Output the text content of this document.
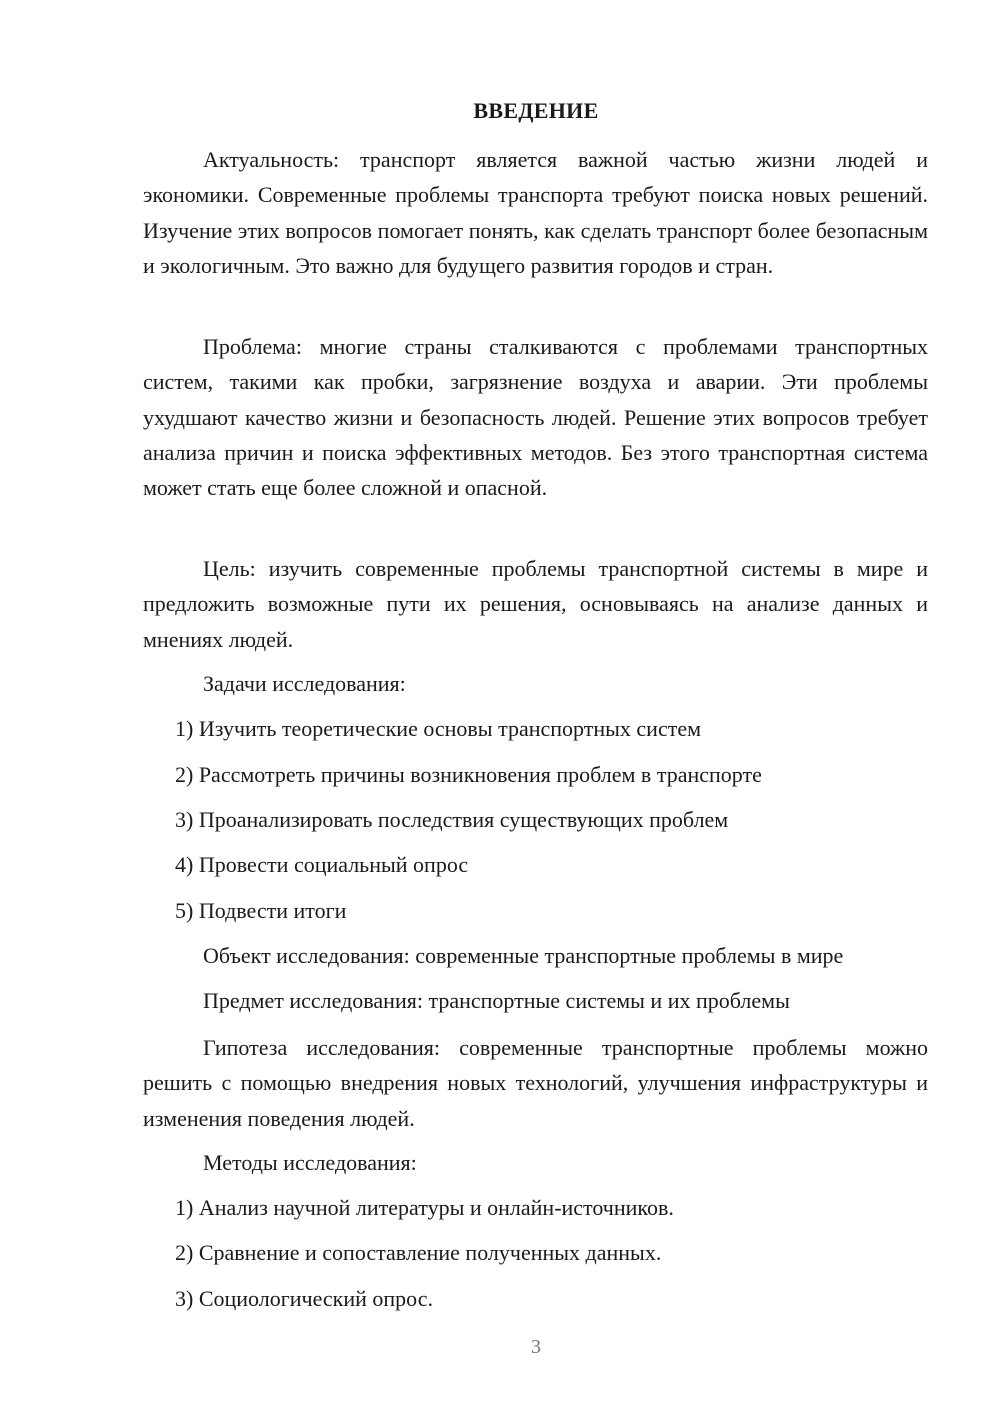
ВВЕДЕНИЕ
Актуальность: транспорт является важной частью жизни людей и экономики. Современные проблемы транспорта требуют поиска новых решений. Изучение этих вопросов помогает понять, как сделать транспорт более безопасным и экологичным. Это важно для будущего развития городов и стран.
Проблема: многие страны сталкиваются с проблемами транспортных систем, такими как пробки, загрязнение воздуха и аварии. Эти проблемы ухудшают качество жизни и безопасность людей. Решение этих вопросов требует анализа причин и поиска эффективных методов. Без этого транспортная система может стать еще более сложной и опасной.
Цель: изучить современные проблемы транспортной системы в мире и предложить возможные пути их решения, основываясь на анализе данных и мнениях людей.
Задачи исследования:
1) Изучить теоретические основы транспортных систем
2) Рассмотреть причины возникновения проблем в транспорте
3) Проанализировать последствия существующих проблем
4) Провести социальный опрос
5) Подвести итоги
Объект исследования: современные транспортные проблемы в мире
Предмет исследования: транспортные системы и их проблемы
Гипотеза исследования: современные транспортные проблемы можно решить с помощью внедрения новых технологий, улучшения инфраструктуры и изменения поведения людей.
Методы исследования:
1) Анализ научной литературы и онлайн-источников.
2) Сравнение и сопоставление полученных данных.
3) Социологический опрос.
3
